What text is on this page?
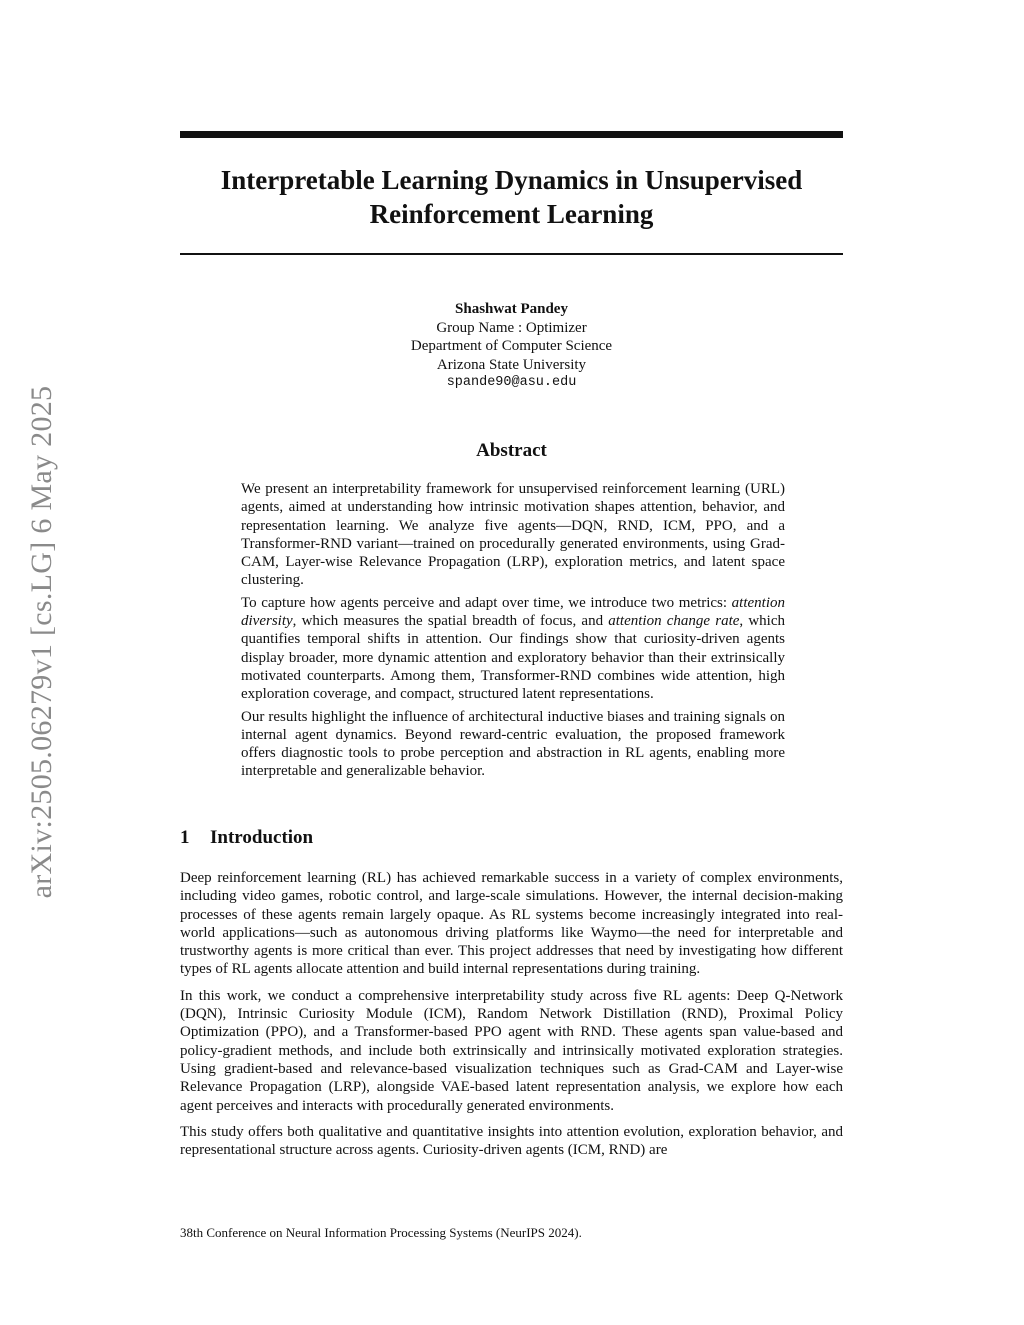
arXiv:2505.06279v1 [cs.LG] 6 May 2025
Interpretable Learning Dynamics in Unsupervised
Reinforcement Learning
Shashwat Pandey
Group Name : Optimizer
Department of Computer Science
Arizona State University
spande90@asu.edu
Abstract

We present an interpretability framework for unsupervised reinforcement learning (URL) agents, aimed at understanding how intrinsic motivation shapes attention, behavior, and representation learning. We analyze five agents—DQN, RND, ICM, PPO, and a Transformer-RND variant—trained on procedurally generated environments, using Grad-CAM, Layer-wise Relevance Propagation (LRP), exploration metrics, and latent space clustering.

To capture how agents perceive and adapt over time, we introduce two metrics: attention diversity, which measures the spatial breadth of focus, and attention change rate, which quantifies temporal shifts in attention. Our findings show that curiosity-driven agents display broader, more dynamic attention and exploratory behavior than their extrinsically motivated counterparts. Among them, Transformer-RND combines wide attention, high exploration coverage, and compact, structured latent representations.

Our results highlight the influence of architectural inductive biases and training signals on internal agent dynamics. Beyond reward-centric evaluation, the proposed framework offers diagnostic tools to probe perception and abstraction in RL agents, enabling more interpretable and generalizable behavior.

1 Introduction

Deep reinforcement learning (RL) has achieved remarkable success in a variety of complex environments, including video games, robotic control, and large-scale simulations. However, the internal decision-making processes of these agents remain largely opaque. As RL systems become increasingly integrated into real-world applications—such as autonomous driving platforms like Waymo—the need for interpretable and trustworthy agents is more critical than ever. This project addresses that need by investigating how different types of RL agents allocate attention and build internal representations during training.

In this work, we conduct a comprehensive interpretability study across five RL agents: Deep Q-Network (DQN), Intrinsic Curiosity Module (ICM), Random Network Distillation (RND), Proximal Policy Optimization (PPO), and a Transformer-based PPO agent with RND. These agents span value-based and policy-gradient methods, and include both extrinsically and intrinsically motivated exploration strategies. Using gradient-based and relevance-based visualization techniques such as Grad-CAM and Layer-wise Relevance Propagation (LRP), alongside VAE-based latent representation analysis, we explore how each agent perceives and interacts with procedurally generated environments.

This study offers both qualitative and quantitative insights into attention evolution, exploration behavior, and representational structure across agents. Curiosity-driven agents (ICM, RND) are

38th Conference on Neural Information Processing Systems (NeurIPS 2024).
